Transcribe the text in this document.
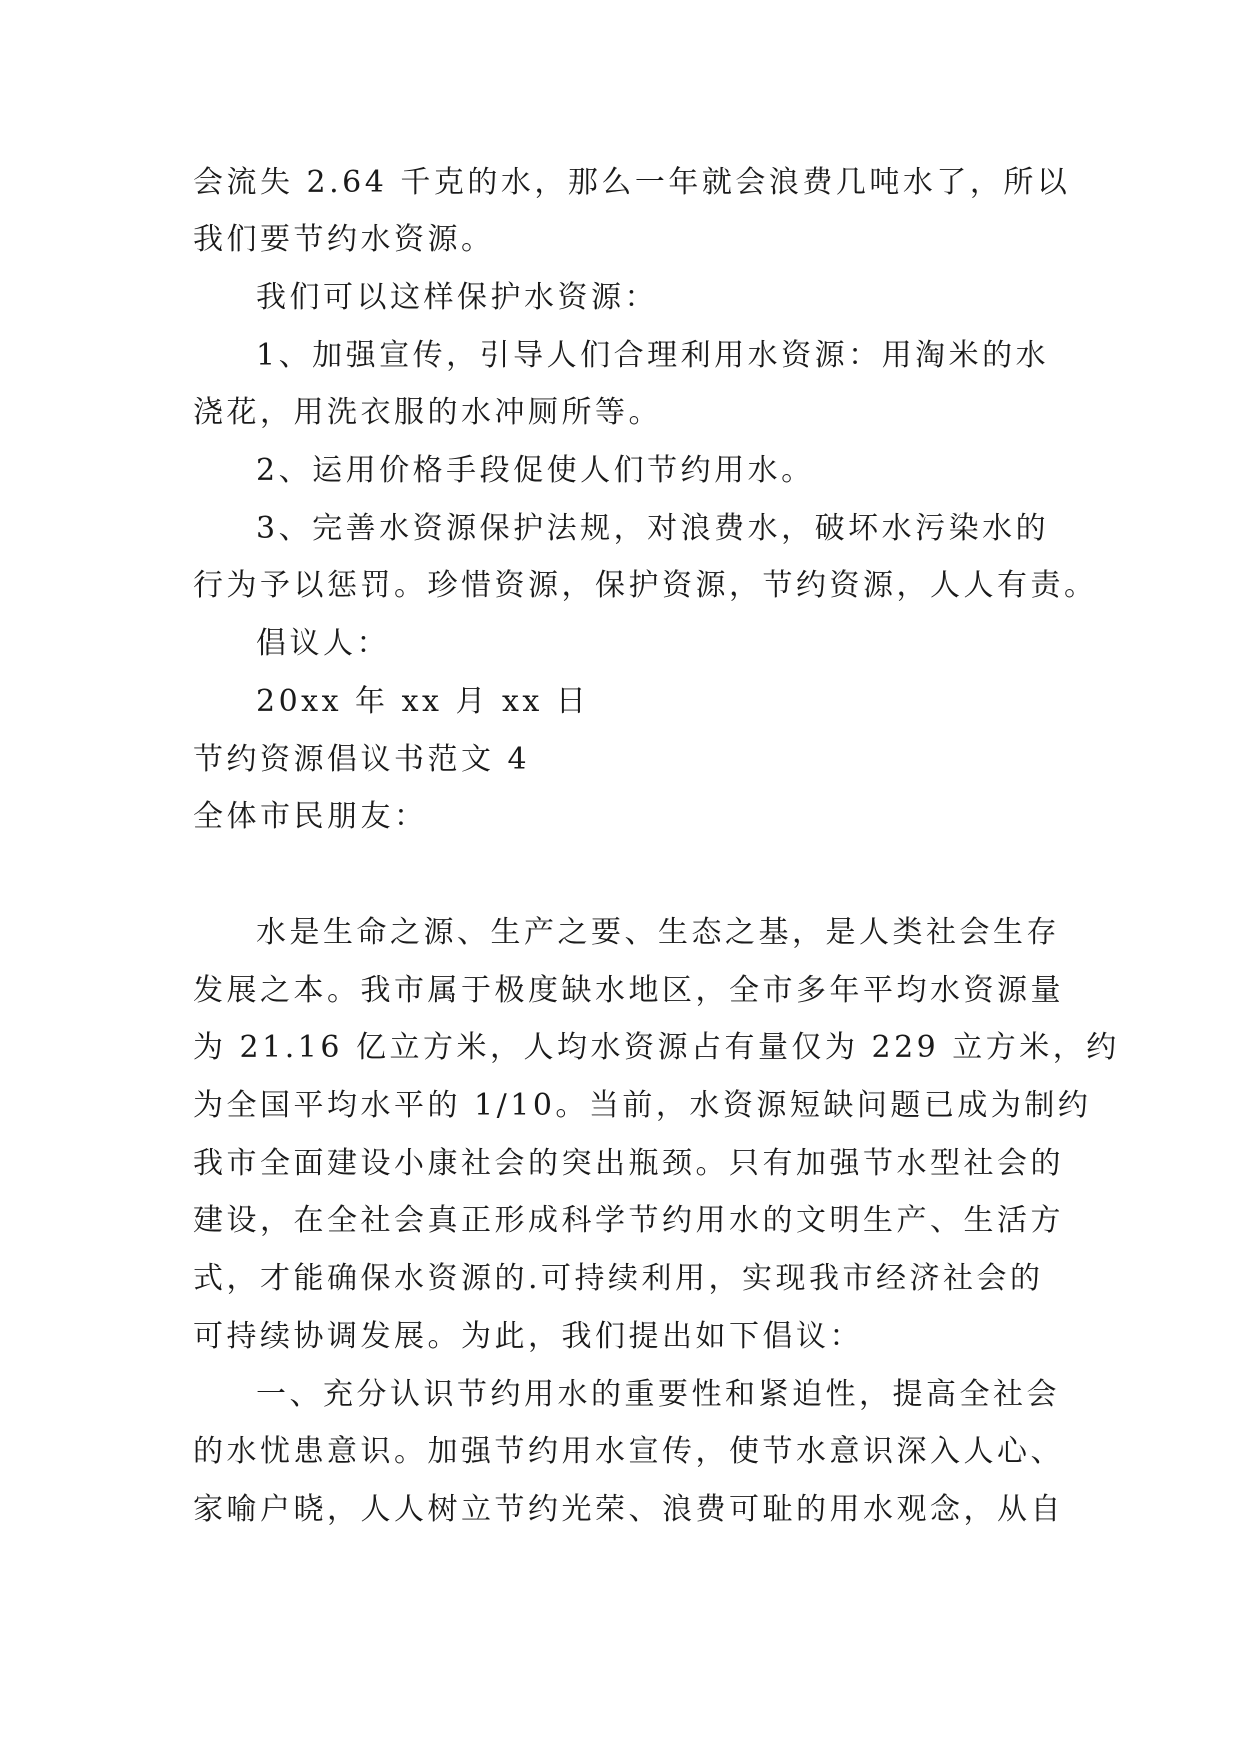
会流失 2.64 千克的水，那么一年就会浪费几吨水了，所以
我们要节约水资源。
我们可以这样保护水资源：
1、加强宣传，引导人们合理利用水资源：用淘米的水
浇花，用洗衣服的水冲厕所等。
2、运用价格手段促使人们节约用水。
3、完善水资源保护法规，对浪费水，破坏水污染水的
行为予以惩罚。珍惜资源，保护资源，节约资源，人人有责。
倡议人：
20xx 年 xx 月 xx 日
节约资源倡议书范文 4
全体市民朋友：
水是生命之源、生产之要、生态之基，是人类社会生存
发展之本。我市属于极度缺水地区，全市多年平均水资源量
为 21.16 亿立方米，人均水资源占有量仅为 229 立方米，约
为全国平均水平的 1/10。当前，水资源短缺问题已成为制约
我市全面建设小康社会的突出瓶颈。只有加强节水型社会的
建设，在全社会真正形成科学节约用水的文明生产、生活方
式，才能确保水资源的.可持续利用，实现我市经济社会的
可持续协调发展。为此，我们提出如下倡议：
一、充分认识节约用水的重要性和紧迫性，提高全社会
的水忧患意识。加强节约用水宣传，使节水意识深入人心、
家喻户晓，人人树立节约光荣、浪费可耻的用水观念，从自
